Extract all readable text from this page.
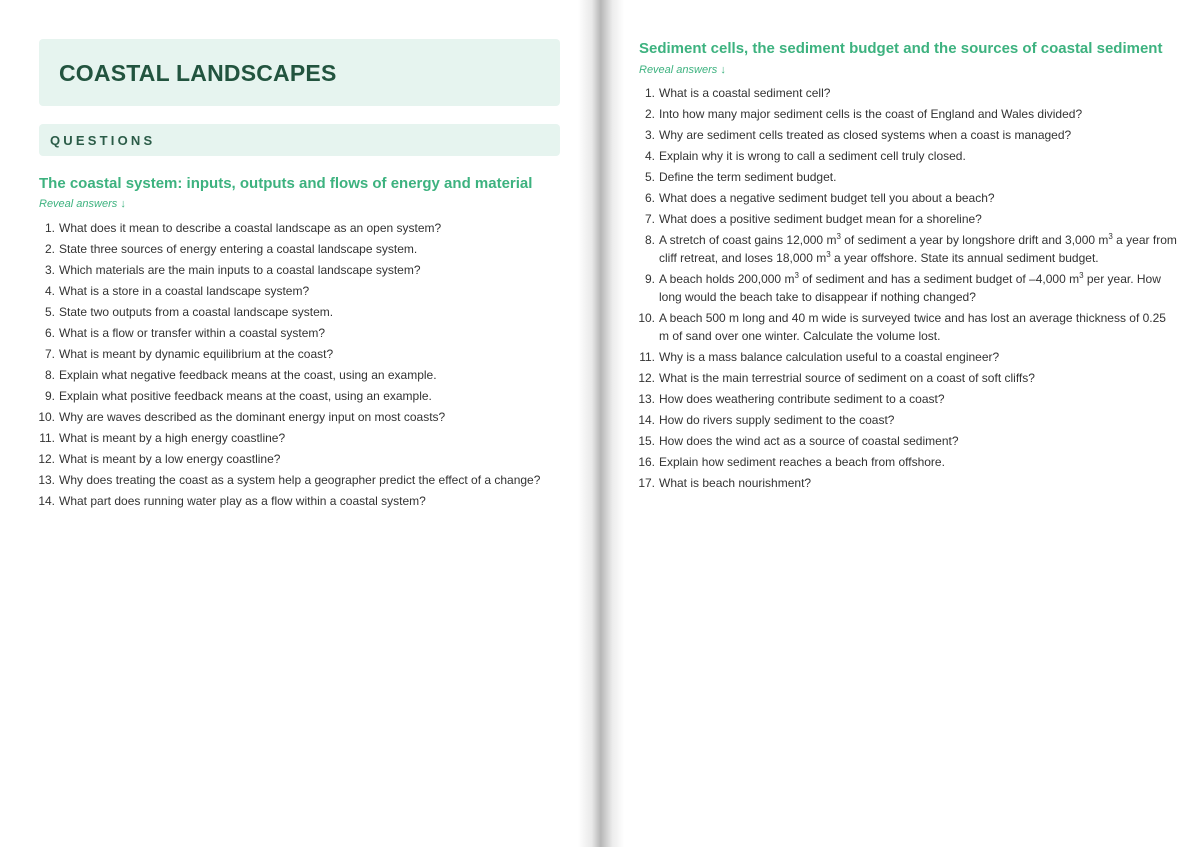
COASTAL LANDSCAPES
QUESTIONS
The coastal system: inputs, outputs and flows of energy and material
Reveal answers ↓
1. What does it mean to describe a coastal landscape as an open system?
2. State three sources of energy entering a coastal landscape system.
3. Which materials are the main inputs to a coastal landscape system?
4. What is a store in a coastal landscape system?
5. State two outputs from a coastal landscape system.
6. What is a flow or transfer within a coastal system?
7. What is meant by dynamic equilibrium at the coast?
8. Explain what negative feedback means at the coast, using an example.
9. Explain what positive feedback means at the coast, using an example.
10. Why are waves described as the dominant energy input on most coasts?
11. What is meant by a high energy coastline?
12. What is meant by a low energy coastline?
13. Why does treating the coast as a system help a geographer predict the effect of a change?
14. What part does running water play as a flow within a coastal system?
Sediment cells, the sediment budget and the sources of coastal sediment
Reveal answers ↓
1. What is a coastal sediment cell?
2. Into how many major sediment cells is the coast of England and Wales divided?
3. Why are sediment cells treated as closed systems when a coast is managed?
4. Explain why it is wrong to call a sediment cell truly closed.
5. Define the term sediment budget.
6. What does a negative sediment budget tell you about a beach?
7. What does a positive sediment budget mean for a shoreline?
8. A stretch of coast gains 12,000 $m^3$ of sediment a year by longshore drift and 3,000 $m^3$ a year from cliff retreat, and loses 18,000 $m^3$ a year offshore. State its annual sediment budget.
9. A beach holds 200,000 $m^3$ of sediment and has a sediment budget of –4,000 $m^3$ per year. How long would the beach take to disappear if nothing changed?
10. A beach 500 m long and 40 m wide is surveyed twice and has lost an average thickness of 0.25 m of sand over one winter. Calculate the volume lost.
11. Why is a mass balance calculation useful to a coastal engineer?
12. What is the main terrestrial source of sediment on a coast of soft cliffs?
13. How does weathering contribute sediment to a coast?
14. How do rivers supply sediment to the coast?
15. How does the wind act as a source of coastal sediment?
16. Explain how sediment reaches a beach from offshore.
17. What is beach nourishment?
